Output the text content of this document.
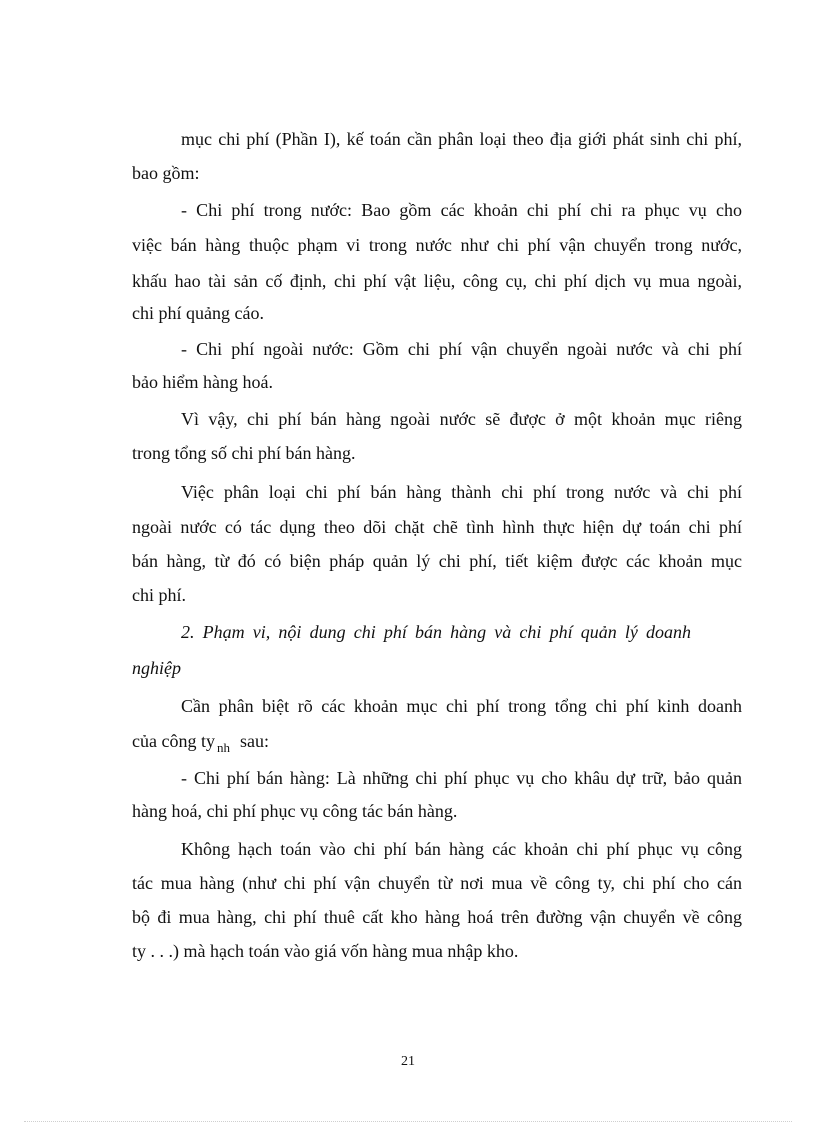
mục chi phí (Phần I), kế toán cần phân loại theo địa giới phát sinh chi phí,
bao gồm:
- Chi phí trong nước: Bao gồm các khoản chi phí chi ra phục vụ cho
việc bán hàng thuộc phạm vi trong nước như chi phí vận chuyển trong nước,
khấu hao tài sản cố định, chi phí vật liệu, công cụ, chi phí dịch vụ mua ngoài,
chi phí quảng cáo.
- Chi phí ngoài nước: Gồm chi phí vận chuyển ngoài nước và chi phí
bảo hiểm hàng hoá.
Vì vậy, chi phí bán hàng ngoài nước sẽ được ở một khoản mục riêng
trong tổng số chi phí bán hàng.
Việc phân loại chi phí bán hàng thành chi phí trong nước và chi phí
ngoài nước có tác dụng theo dõi chặt chẽ tình hình thực hiện dự toán chi phí
bán hàng, từ đó có biện pháp quản lý chi phí, tiết kiệm được các khoản mục
chi phí.
2. Phạm vi, nội dung chi phí bán hàng và chi phí quản lý doanh
nghiệp
Cần phân biệt rõ các khoản mục chi phí trong tổng chi phí kinh doanh
của công ty $_{nh}$ sau:
- Chi phí bán hàng: Là những chi phí phục vụ cho khâu dự trữ, bảo quản
hàng hoá, chi phí phục vụ công tác bán hàng.
Không hạch toán vào chi phí bán hàng các khoản chi phí phục vụ công
tác mua hàng (như chi phí vận chuyển từ nơi mua về công ty, chi phí cho cán
bộ đi mua hàng, chi phí thuê cất kho hàng hoá trên đường vận chuyển về công
ty . . .) mà hạch toán vào giá vốn hàng mua nhập kho.
21
